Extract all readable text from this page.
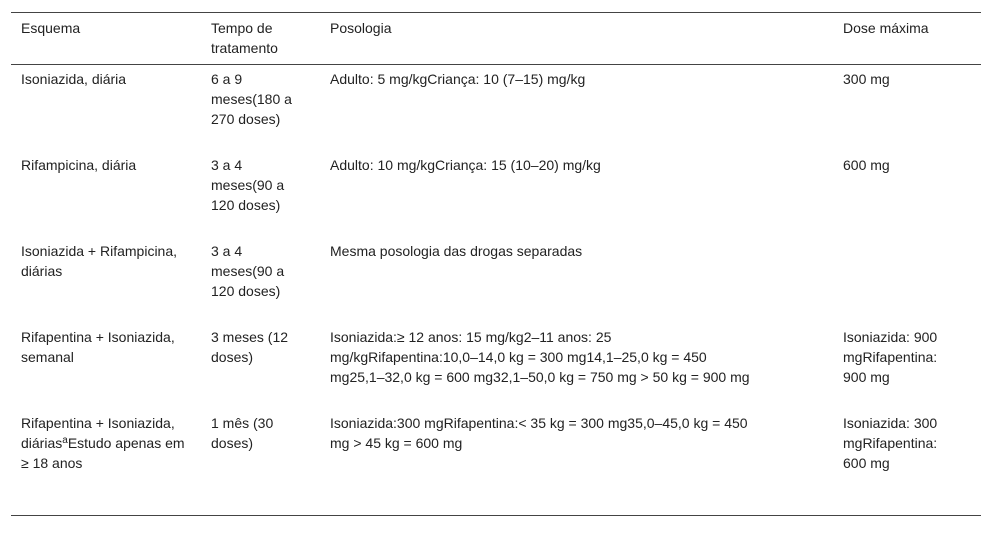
Esquema	Tempo de tratamento	Posologia	Dose máxima
Isoniazida, diária	6 a 9 meses(180 a 270 doses)	Adulto: 5 mg/kgCriança: 10 (7–15) mg/kg	300 mg
Rifampicina, diária	3 a 4 meses(90 a 120 doses)	Adulto: 10 mg/kgCriança: 15 (10–20) mg/kg	600 mg
Isoniazida + Rifampicina, diárias	3 a 4 meses(90 a 120 doses)	Mesma posologia das drogas separadas	
Rifapentina + Isoniazida, semanal	3 meses (12 doses)	Isoniazida:≥ 12 anos: 15 mg/kg2–11 anos: 25 mg/kgRifapentina:10,0–14,0 kg = 300 mg14,1–25,0 kg = 450 mg25,1–32,0 kg = 600 mg32,1–50,0 kg = 750 mg > 50 kg = 900 mg	Isoniazida: 900 mgRifapentina: 900 mg
Rifapentina + Isoniazida, diárias$^a$Estudo apenas em ≥ 18 anos	1 mês (30 doses)	Isoniazida:300 mgRifapentina:< 35 kg = 300 mg35,0–45,0 kg = 450 mg > 45 kg = 600 mg	Isoniazida: 300 mgRifapentina: 600 mg
